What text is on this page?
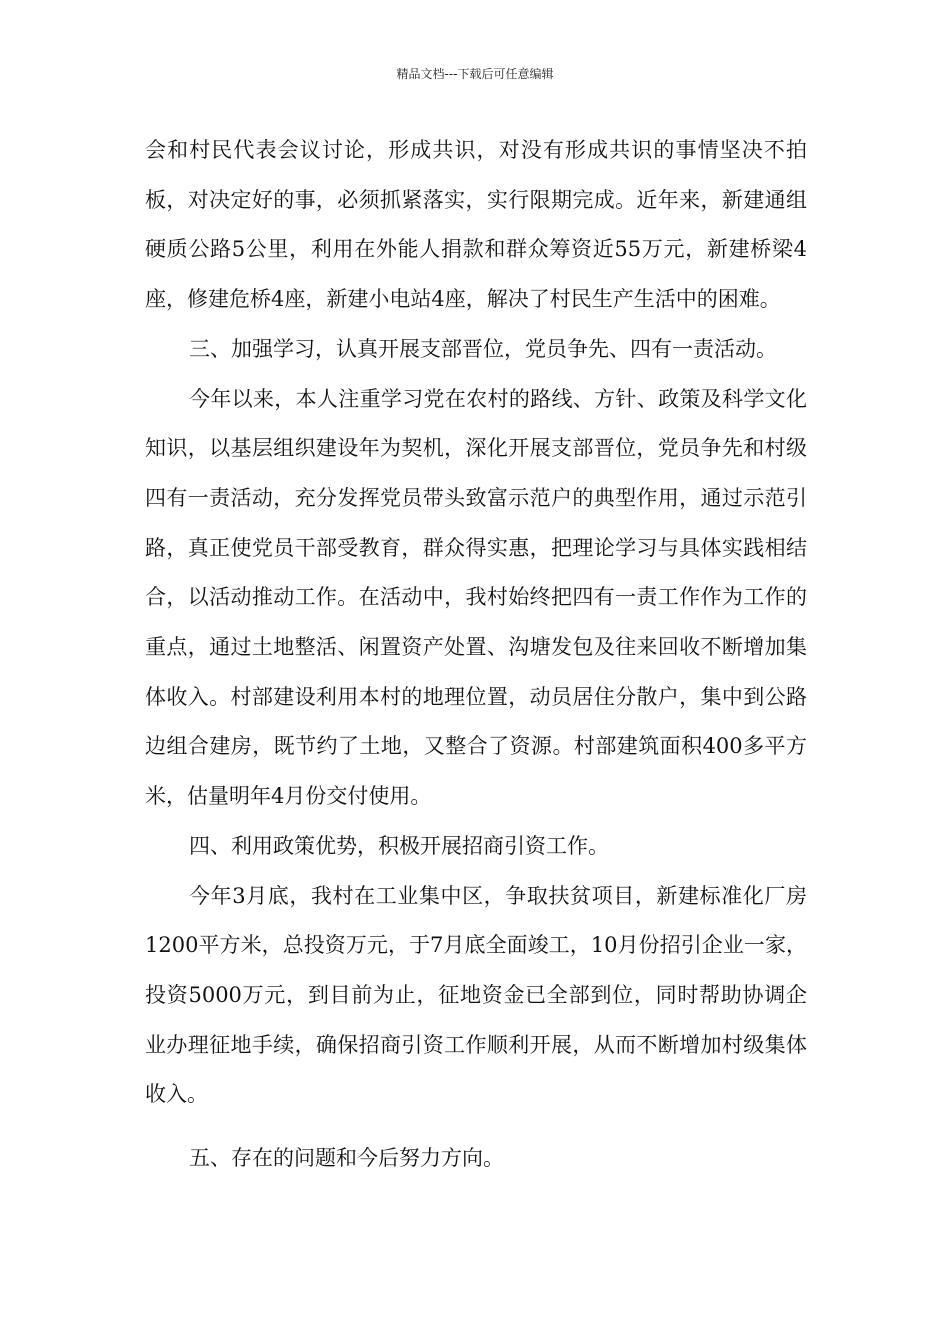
精品文档---下载后可任意编辑

会和村民代表会议讨论，形成共识，对没有形成共识的事情坚决不拍板，对决定好的事，必须抓紧落实，实行限期完成。近年来，新建通组硬质公路5公里，利用在外能人捐款和群众筹资近55万元，新建桥梁4座，修建危桥4座，新建小电站4座，解决了村民生产生活中的困难。

三、加强学习，认真开展支部晋位，党员争先、四有一责活动。

今年以来，本人注重学习党在农村的路线、方针、政策及科学文化知识，以基层组织建设年为契机，深化开展支部晋位，党员争先和村级四有一责活动，充分发挥党员带头致富示范户的典型作用，通过示范引路，真正使党员干部受教育，群众得实惠，把理论学习与具体实践相结合，以活动推动工作。在活动中，我村始终把四有一责工作作为工作的重点，通过土地整活、闲置资产处置、沟塘发包及往来回收不断增加集体收入。村部建设利用本村的地理位置，动员居住分散户，集中到公路边组合建房，既节约了土地，又整合了资源。村部建筑面积400多平方米，估量明年4月份交付使用。

四、利用政策优势，积极开展招商引资工作。

今年3月底，我村在工业集中区，争取扶贫项目，新建标准化厂房1200平方米，总投资万元，于7月底全面竣工，10月份招引企业一家，投资5000万元，到目前为止，征地资金已全部到位，同时帮助协调企业办理征地手续，确保招商引资工作顺利开展，从而不断增加村级集体收入。

五、存在的问题和今后努力方向。
